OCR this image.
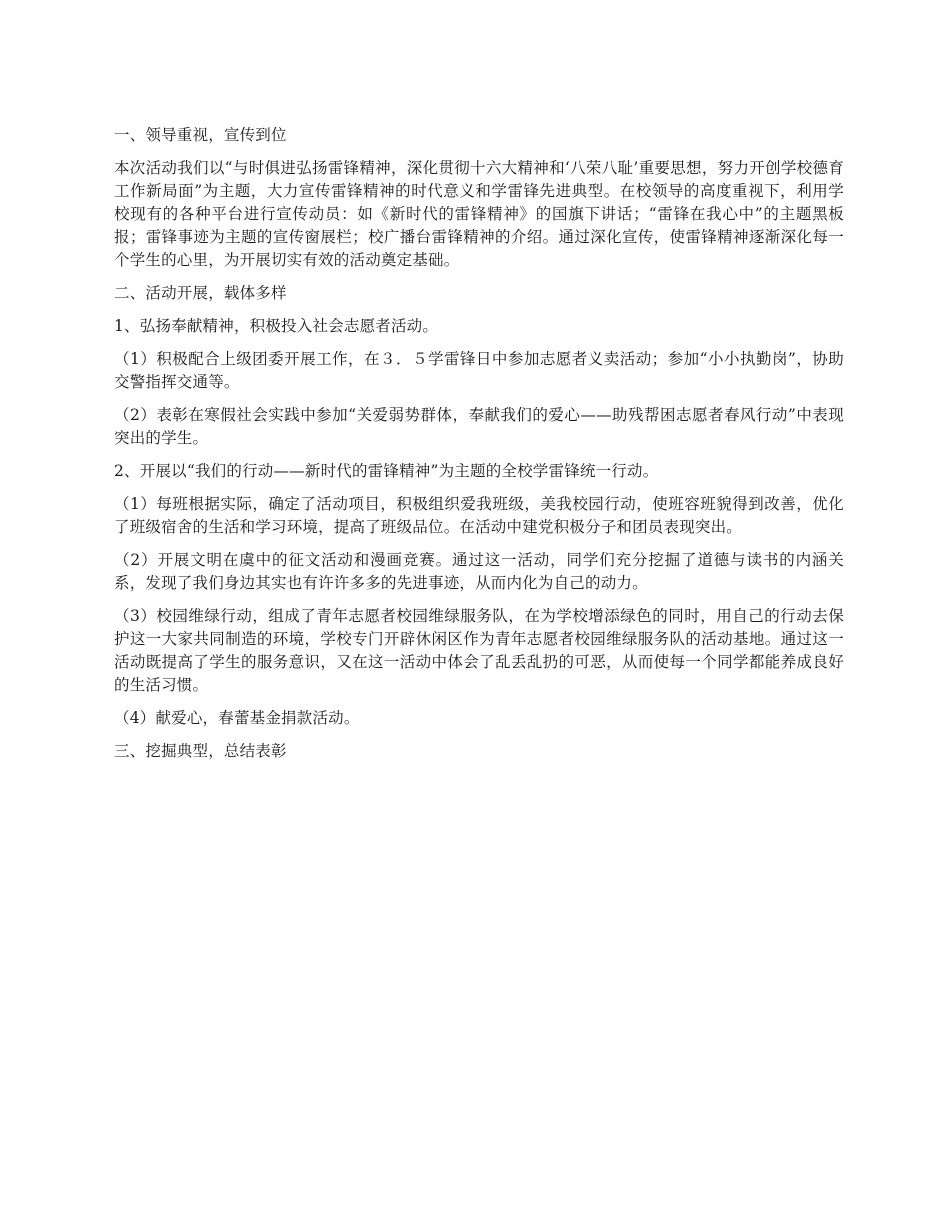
一、领导重视，宣传到位

本次活动我们以“与时俱进弘扬雷锋精神，深化贯彻十六大精神和‘八荣八耻’重要思想，努力开创学校德育工作新局面”为主题，大力宣传雷锋精神的时代意义和学雷锋先进典型。在校领导的高度重视下，利用学校现有的各种平台进行宣传动员：如《新时代的雷锋精神》的国旗下讲话；“雷锋在我心中”的主题黑板报；雷锋事迹为主题的宣传窗展栏；校广播台雷锋精神的介绍。通过深化宣传，使雷锋精神逐渐深化每一个学生的心里，为开展切实有效的活动奠定基础。

二、活动开展，载体多样

1、弘扬奉献精神，积极投入社会志愿者活动。

（1）积极配合上级团委开展工作，在３．５学雷锋日中参加志愿者义卖活动；参加“小小执勤岗”，协助交警指挥交通等。

（2）表彰在寒假社会实践中参加“关爱弱势群体，奉献我们的爱心——助残帮困志愿者春风行动”中表现突出的学生。

2、开展以“我们的行动——新时代的雷锋精神”为主题的全校学雷锋统一行动。

（1）每班根据实际，确定了活动项目，积极组织爱我班级，美我校园行动，使班容班貌得到改善，优化了班级宿舍的生活和学习环境，提高了班级品位。在活动中建党积极分子和团员表现突出。

（2）开展文明在虞中的征文活动和漫画竞赛。通过这一活动，同学们充分挖掘了道德与读书的内涵关系，发现了我们身边其实也有许许多多的先进事迹，从而内化为自己的动力。

（3）校园维绿行动，组成了青年志愿者校园维绿服务队，在为学校增添绿色的同时，用自己的行动去保护这一大家共同制造的环境，学校专门开辟休闲区作为青年志愿者校园维绿服务队的活动基地。通过这一活动既提高了学生的服务意识，又在这一活动中体会了乱丢乱扔的可恶，从而使每一个同学都能养成良好的生活习惯。

（4）献爱心，春蕾基金捐款活动。

三、挖掘典型，总结表彰
